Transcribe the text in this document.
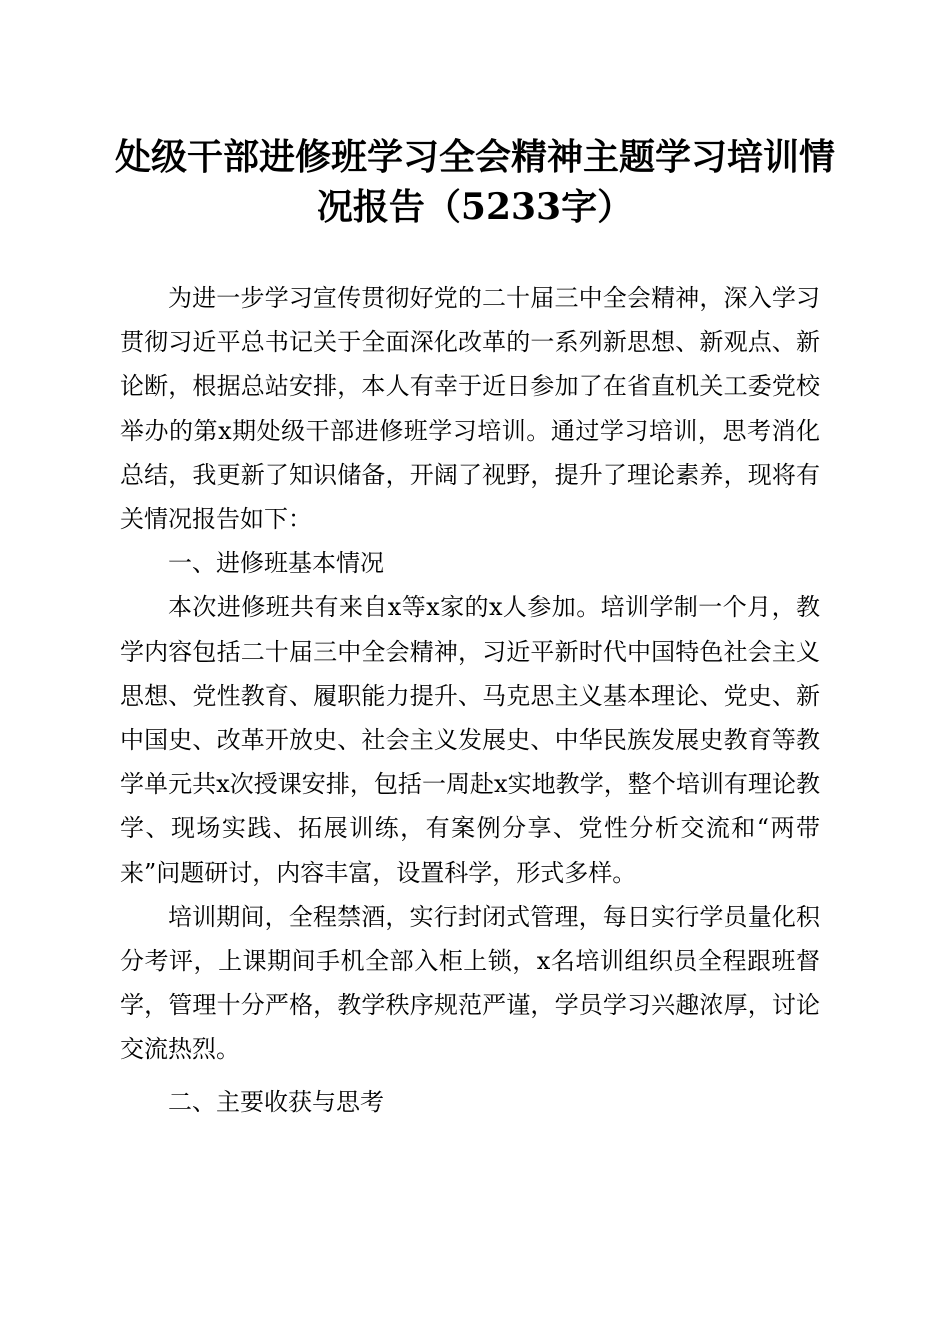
处级干部进修班学习全会精神主题学习培训情
况报告（5233字）

为进一步学习宣传贯彻好党的二十届三中全会精神，深入学习贯彻习近平总书记关于全面深化改革的一系列新思想、新观点、新论断，根据总站安排，本人有幸于近日参加了在省直机关工委党校举办的第x期处级干部进修班学习培训。通过学习培训，思考消化总结，我更新了知识储备，开阔了视野，提升了理论素养，现将有关情况报告如下：

一、进修班基本情况

本次进修班共有来自x等x家的x人参加。培训学制一个月，教学内容包括二十届三中全会精神，习近平新时代中国特色社会主义思想、党性教育、履职能力提升、马克思主义基本理论、党史、新中国史、改革开放史、社会主义发展史、中华民族发展史教育等教学单元共x次授课安排，包括一周赴x实地教学，整个培训有理论教学、现场实践、拓展训练，有案例分享、党性分析交流和“两带来”问题研讨，内容丰富，设置科学，形式多样。

培训期间，全程禁酒，实行封闭式管理，每日实行学员量化积分考评，上课期间手机全部入柜上锁，x名培训组织员全程跟班督学，管理十分严格，教学秩序规范严谨，学员学习兴趣浓厚，讨论交流热烈。

二、主要收获与思考
